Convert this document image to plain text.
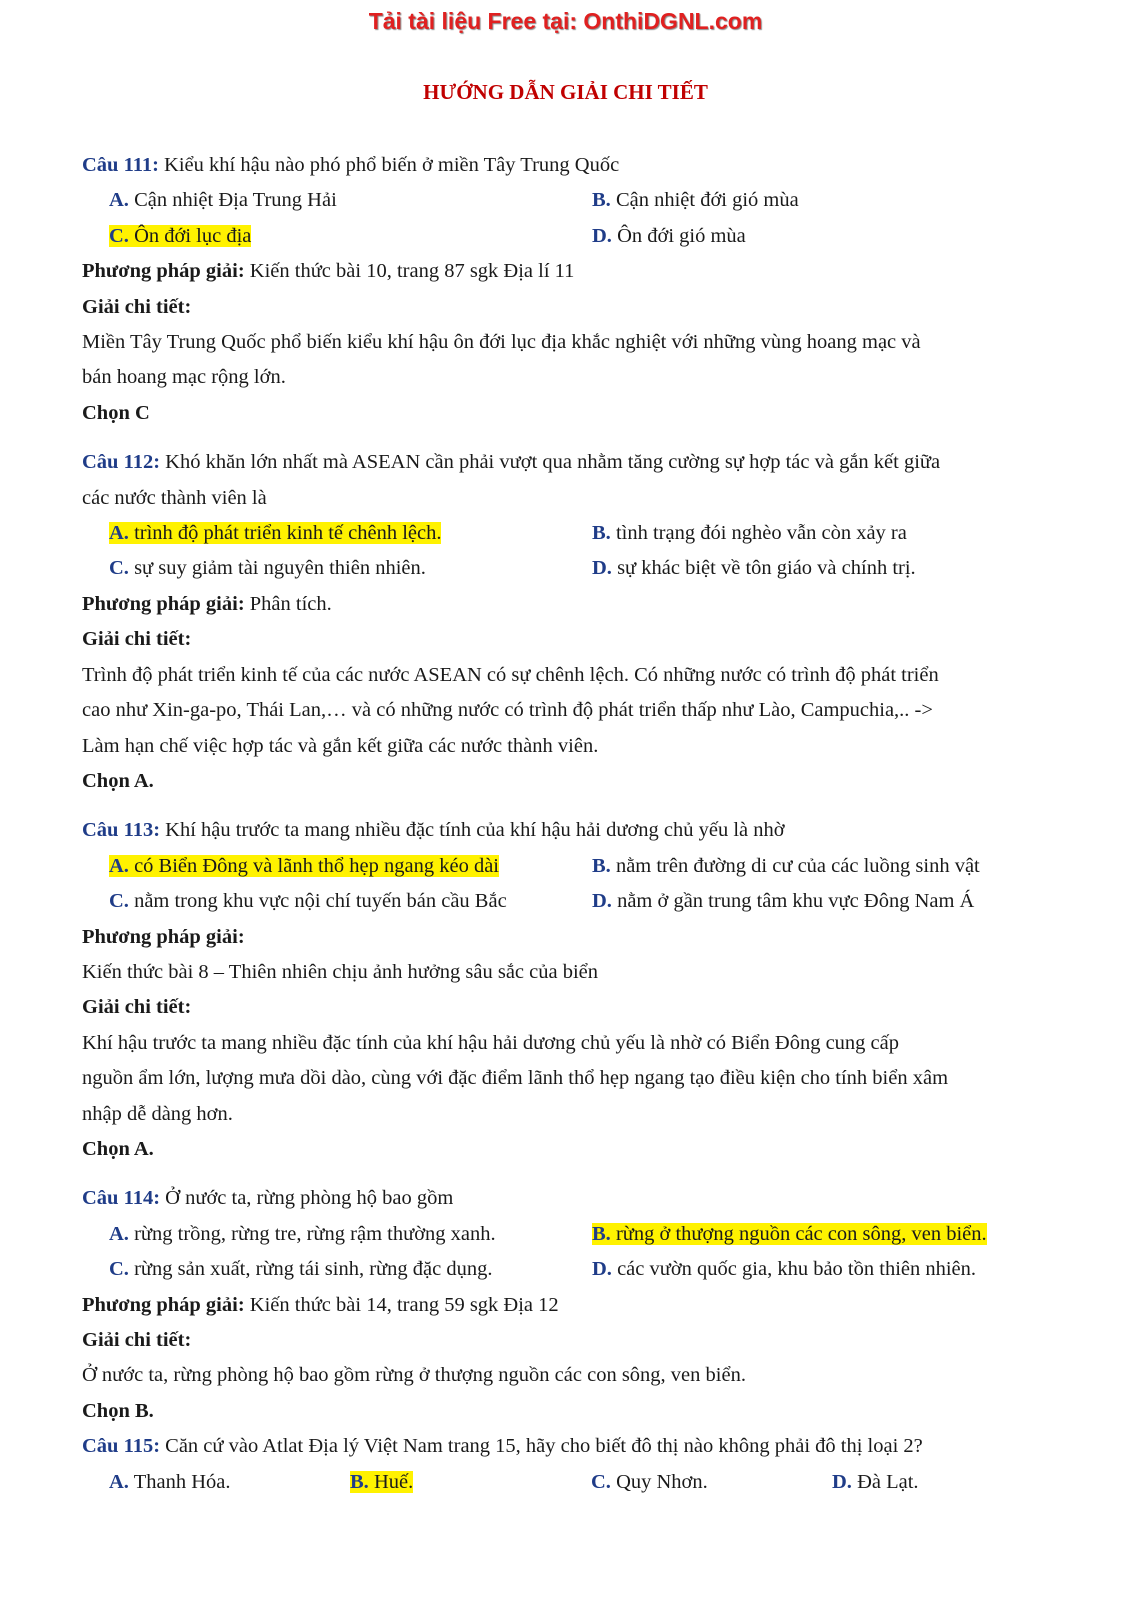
Tải tài liệu Free tại: OnthiDGNL.com
HƯỚNG DẪN GIẢI CHI TIẾT
Câu 111: Kiểu khí hậu nào phó phổ biến ở miền Tây Trung Quốc
A. Cận nhiệt Địa Trung Hải	B. Cận nhiệt đới gió mùa
C. Ôn đới lục địa	D. Ôn đới gió mùa
Phương pháp giải: Kiến thức bài 10, trang 87 sgk Địa lí 11
Giải chi tiết:
Miền Tây Trung Quốc phổ biến kiểu khí hậu ôn đới lục địa khắc nghiệt với những vùng hoang mạc và
bán hoang mạc rộng lớn.
Chọn C
Câu 112: Khó khăn lớn nhất mà ASEAN cần phải vượt qua nhằm tăng cường sự hợp tác và gắn kết giữa
các nước thành viên là
A. trình độ phát triển kinh tế chênh lệch.	B. tình trạng đói nghèo vẫn còn xảy ra
C. sự suy giảm tài nguyên thiên nhiên.	D. sự khác biệt về tôn giáo và chính trị.
Phương pháp giải: Phân tích.
Giải chi tiết:
Trình độ phát triển kinh tế của các nước ASEAN có sự chênh lệch. Có những nước có trình độ phát triển
cao như Xin-ga-po, Thái Lan,… và có những nước có trình độ phát triển thấp như Lào, Campuchia,.. ->
Làm hạn chế việc hợp tác và gắn kết giữa các nước thành viên.
Chọn A.
Câu 113: Khí hậu trước ta mang nhiều đặc tính của khí hậu hải dương chủ yếu là nhờ
A. có Biển Đông và lãnh thổ hẹp ngang kéo dài	B. nằm trên đường di cư của các luồng sinh vật
C. nằm trong khu vực nội chí tuyến bán cầu Bắc	D. nằm ở gần trung tâm khu vực Đông Nam Á
Phương pháp giải:
Kiến thức bài 8 – Thiên nhiên chịu ảnh hưởng sâu sắc của biển
Giải chi tiết:
Khí hậu trước ta mang nhiều đặc tính của khí hậu hải dương chủ yếu là nhờ có Biển Đông cung cấp
nguồn ẩm lớn, lượng mưa dồi dào, cùng với đặc điểm lãnh thổ hẹp ngang tạo điều kiện cho tính biển xâm
nhập dễ dàng hơn.
Chọn A.
Câu 114: Ở nước ta, rừng phòng hộ bao gồm
A. rừng trồng, rừng tre, rừng rậm thường xanh.	B. rừng ở thượng nguồn các con sông, ven biển.
C. rừng sản xuất, rừng tái sinh, rừng đặc dụng.	D. các vườn quốc gia, khu bảo tồn thiên nhiên.
Phương pháp giải: Kiến thức bài 14, trang 59 sgk Địa 12
Giải chi tiết:
Ở nước ta, rừng phòng hộ bao gồm rừng ở thượng nguồn các con sông, ven biển.
Chọn B.
Câu 115: Căn cứ vào Atlat Địa lý Việt Nam trang 15, hãy cho biết đô thị nào không phải đô thị loại 2?
A. Thanh Hóa.	B. Huế.	C. Quy Nhơn.	D. Đà Lạt.
